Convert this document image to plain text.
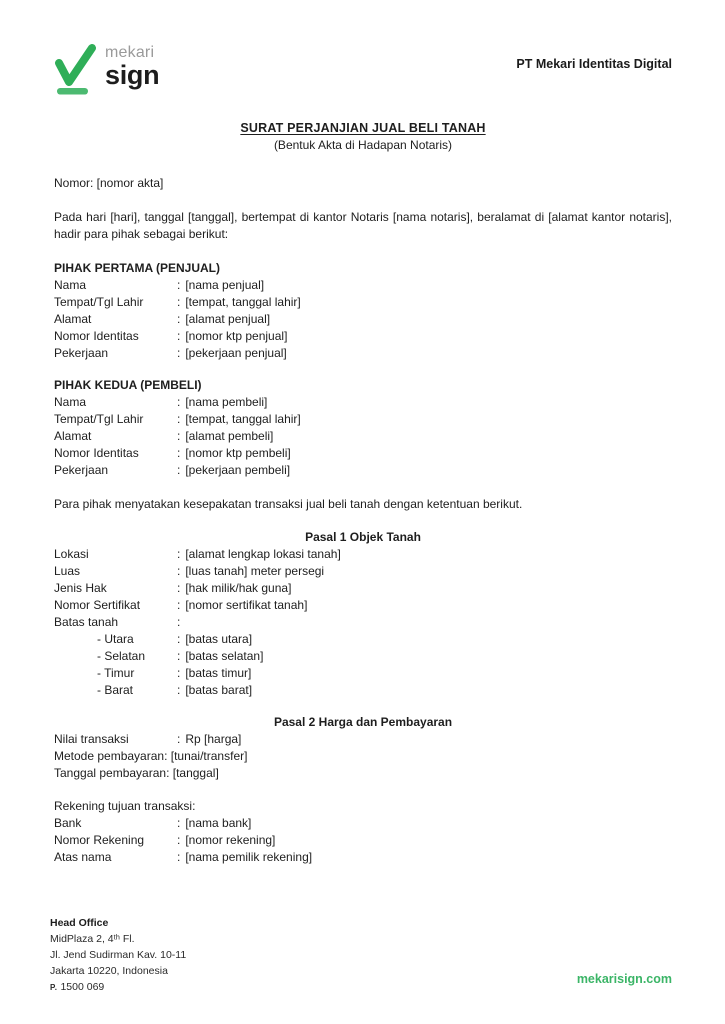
mekari
sign	PT Mekari Identitas Digital
SURAT PERJANJIAN JUAL BELI TANAH
(Bentuk Akta di Hadapan Notaris)
Nomor: [nomor akta]

Pada hari [hari], tanggal [tanggal], bertempat di kantor Notaris [nama notaris], beralamat di [alamat kantor notaris], hadir para pihak sebagai berikut:

PIHAK PERTAMA (PENJUAL)
Nama	: [nama penjual]
Tempat/Tgl Lahir	: [tempat, tanggal lahir]
Alamat	: [alamat penjual]
Nomor Identitas	: [nomor ktp penjual]
Pekerjaan	: [pekerjaan penjual]
PIHAK KEDUA (PEMBELI)
Nama	: [nama pembeli]
Tempat/Tgl Lahir	: [tempat, tanggal lahir]
Alamat	: [alamat pembeli]
Nomor Identitas	: [nomor ktp pembeli]
Pekerjaan	: [pekerjaan pembeli]

Para pihak menyatakan kesepakatan transaksi jual beli tanah dengan ketentuan berikut.

Pasal 1 Objek Tanah
Lokasi	: [alamat lengkap lokasi tanah]
Luas	: [luas tanah] meter persegi
Jenis Hak	: [hak milik/hak guna]
Nomor Sertifikat	: [nomor sertifikat tanah]
Batas tanah	:
- Utara	: [batas utara]
- Selatan	: [batas selatan]
- Timur	: [batas timur]
- Barat	: [batas barat]
Pasal 2 Harga dan Pembayaran
Nilai transaksi	: Rp [harga]
Metode pembayaran: [tunai/transfer]
Tanggal pembayaran: [tanggal]
Rekening tujuan transaksi:
Bank	: [nama bank]
Nomor Rekening	: [nomor rekening]
Atas nama	: [nama pemilik rekening]
Head Office
MidPlaza 2, 4ᵗʰ Fl.
Jl. Jend Sudirman Kav. 10-11
Jakarta 10220, Indonesia
P. 1500 069
mekarisign.com
